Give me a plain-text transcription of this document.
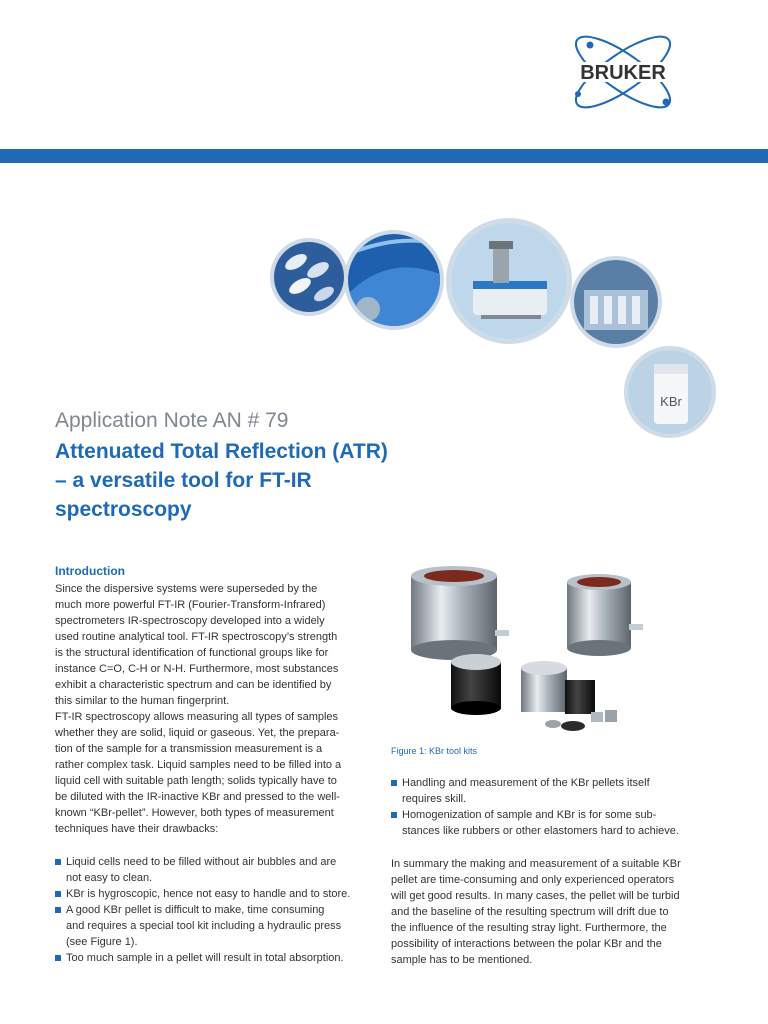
BRUKER
KBr
Application Note AN # 79
Attenuated Total Reflection (ATR)
– a versatile tool for FT-IR
spectroscopy
Introduction

Since the dispersive systems were superseded by the

much more powerful FT-IR (Fourier-Transform-Infrared)

spectrometers IR-spectroscopy developed into a widely

used routine analytical tool. FT-IR spectroscopy’s strength

is the structural identification of functional groups like for

instance C=O, C-H or N-H. Furthermore, most substances

exhibit a characteristic spectrum and can be identified by

this similar to the human fingerprint.

FT-IR spectroscopy allows measuring all types of samples

whether they are solid, liquid or gaseous. Yet, the prepara-

tion of the sample for a transmission measurement is a

rather complex task. Liquid samples need to be filled into a

liquid cell with suitable path length; solids typically have to

be diluted with the IR-inactive KBr and pressed to the well-

known “KBr-pellet”. However, both types of measurement

techniques have their drawbacks:

Liquid cells need to be filled without air bubbles and are
not easy to clean.
KBr is hygroscopic, hence not easy to handle and to store.
A good KBr pellet is difficult to make, time consuming
and requires a special tool kit including a hydraulic press
(see Figure 1).
Too much sample in a pellet will result in total absorption.
Figure 1: KBr tool kits
Handling and measurement of the KBr pellets itself
requires skill.
Homogenization of sample and KBr is for some sub-
stances like rubbers or other elastomers hard to achieve.
In summary the making and measurement of a suitable KBr
pellet are time-consuming and only experienced operators
will get good results. In many cases, the pellet will be turbid
and the baseline of the resulting spectrum will drift due to
the influence of the resulting stray light. Furthermore, the
possibility of interactions between the polar KBr and the
sample has to be mentioned.
